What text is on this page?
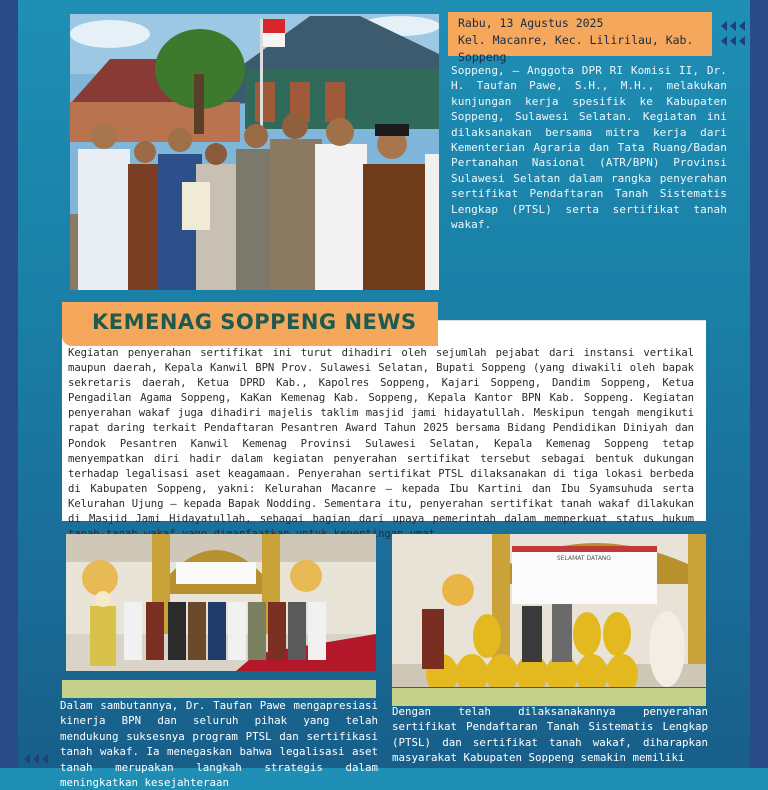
Rabu, 13 Agustus 2025
Kel. Macanre, Kec. Lilirilau, Kab. Soppeng
Soppeng, – Anggota DPR RI Komisi II, Dr. H. Taufan Pawe, S.H., M.H., melakukan kunjungan kerja spesifik ke Kabupaten Soppeng, Sulawesi Selatan. Kegiatan ini dilaksanakan bersama mitra kerja dari Kementerian Agraria dan Tata Ruang/Badan Pertanahan Nasional (ATR/BPN) Provinsi Sulawesi Selatan dalam rangka penyerahan sertifikat Pendaftaran Tanah Sistematis Lengkap (PTSL) serta sertifikat tanah wakaf.
KEMENAG SOPPENG NEWS
Kegiatan penyerahan sertifikat ini turut dihadiri oleh sejumlah pejabat dari instansi vertikal maupun daerah, Kepala Kanwil BPN Prov. Sulawesi Selatan, Bupati Soppeng (yang diwakili oleh bapak sekretaris daerah, Ketua DPRD Kab., Kapolres Soppeng, Kajari Soppeng, Dandim Soppeng, Ketua Pengadilan Agama Soppeng, KaKan Kemenag Kab. Soppeng, Kepala Kantor BPN Kab. Soppeng. Kegiatan penyerahan wakaf juga dihadiri majelis taklim masjid jami hidayatullah. Meskipun tengah mengikuti rapat daring terkait Pendaftaran Pesantren Award Tahun 2025 bersama Bidang Pendidikan Diniyah dan Pondok Pesantren Kanwil Kemenag Provinsi Sulawesi Selatan, Kepala Kemenag Soppeng tetap menyempatkan diri hadir dalam kegiatan penyerahan sertifikat tersebut sebagai bentuk dukungan terhadap legalisasi aset keagamaan. Penyerahan sertifikat PTSL dilaksanakan di tiga lokasi berbeda di Kabupaten Soppeng, yakni: Kelurahan Macanre – kepada Ibu Kartini dan Ibu Syamsuhuda serta Kelurahan Ujung – kepada Bapak Nodding. Sementara itu, penyerahan sertifikat tanah wakaf dilakukan di Masjid Jami Hidayatullah, sebagai bagian dari upaya pemerintah dalam memperkuat status hukum
SELAMAT DATANG
Dalam sambutannya, Dr. Taufan Pawe mengapresiasi kinerja BPN dan seluruh pihak yang telah mendukung suksesnya program PTSL dan sertifikasi tanah wakaf. Ia menegaskan bahwa legalisasi aset tanah merupakan langkah strategis dalam meningkatkan kesejahteraan
Dengan telah dilaksanakannya penyerahan sertifikat Pendaftaran Tanah Sistematis Lengkap (PTSL) dan sertifikat tanah wakaf, diharapkan masyarakat Kabupaten Soppeng semakin memiliki
